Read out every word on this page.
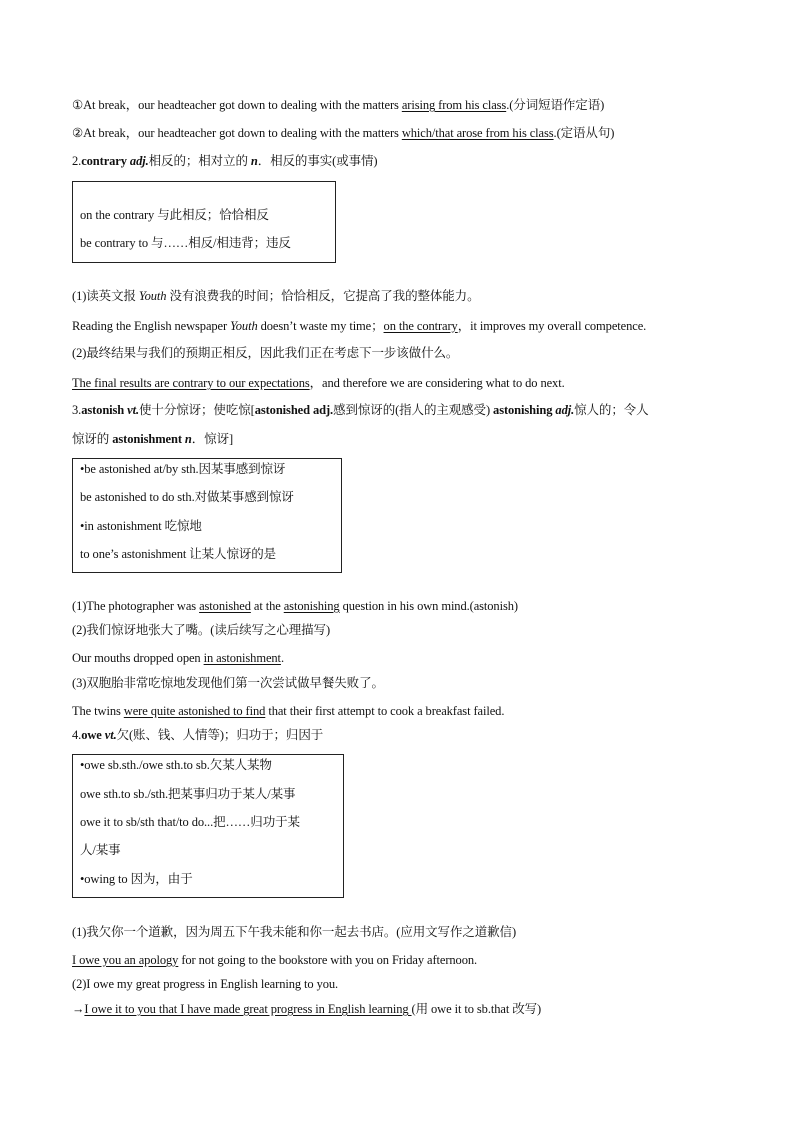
①At break，our headteacher got down to dealing with the matters arising from his class.(分词短语作定语)
②At break，our headteacher got down to dealing with the matters which/that arose from his class.(定语从句)
2.contrary adj.相反的；相对立的 n．相反的事实(或事情)
on the contrary 与此相反；恰恰相反
be contrary to 与……相反/相违背；违反
(1)读英文报 Youth 没有浪费我的时间；恰恰相反，它提高了我的整体能力。
Reading the English newspaper Youth doesn’t waste my time；on the contrary，it improves my overall competence.
(2)最终结果与我们的预期正相反，因此我们正在考虑下一步该做什么。
The final results are contrary to our expectations，and therefore we are considering what to do next.
3.astonish vt.使十分惊讶；使吃惊[astonished adj.感到惊讶的(指人的主观感受) astonishing adj.惊人的；令人
惊讶的 astonishment n．惊讶]
•be astonished at/by sth.因某事感到惊讶
be astonished to do sth.对做某事感到惊讶
•in astonishment 吃惊地
to one’s astonishment 让某人惊讶的是
(1)The photographer was astonished at the astonishing question in his own mind.(astonish)
(2)我们惊讶地张大了嘴。(读后续写之心理描写)
Our mouths dropped open in astonishment.
(3)双胞胎非常吃惊地发现他们第一次尝试做早餐失败了。
The twins were quite astonished to find that their first attempt to cook a breakfast failed.
4.owe vt.欠(账、钱、人情等)；归功于；归因于
•owe sb.sth./owe sth.to sb.欠某人某物
owe sth.to sb./sth.把某事归功于某人/某事
owe it to sb/sth that/to do...把……归功于某
人/某事
•owing to 因为，由于
(1)我欠你一个道歉，因为周五下午我未能和你一起去书店。(应用文写作之道歉信)
I owe you an apology for not going to the bookstore with you on Friday afternoon.
(2)I owe my great progress in English learning to you.
→I owe it to you that I have made great progress in English learning (用 owe it to sb.that 改写)
